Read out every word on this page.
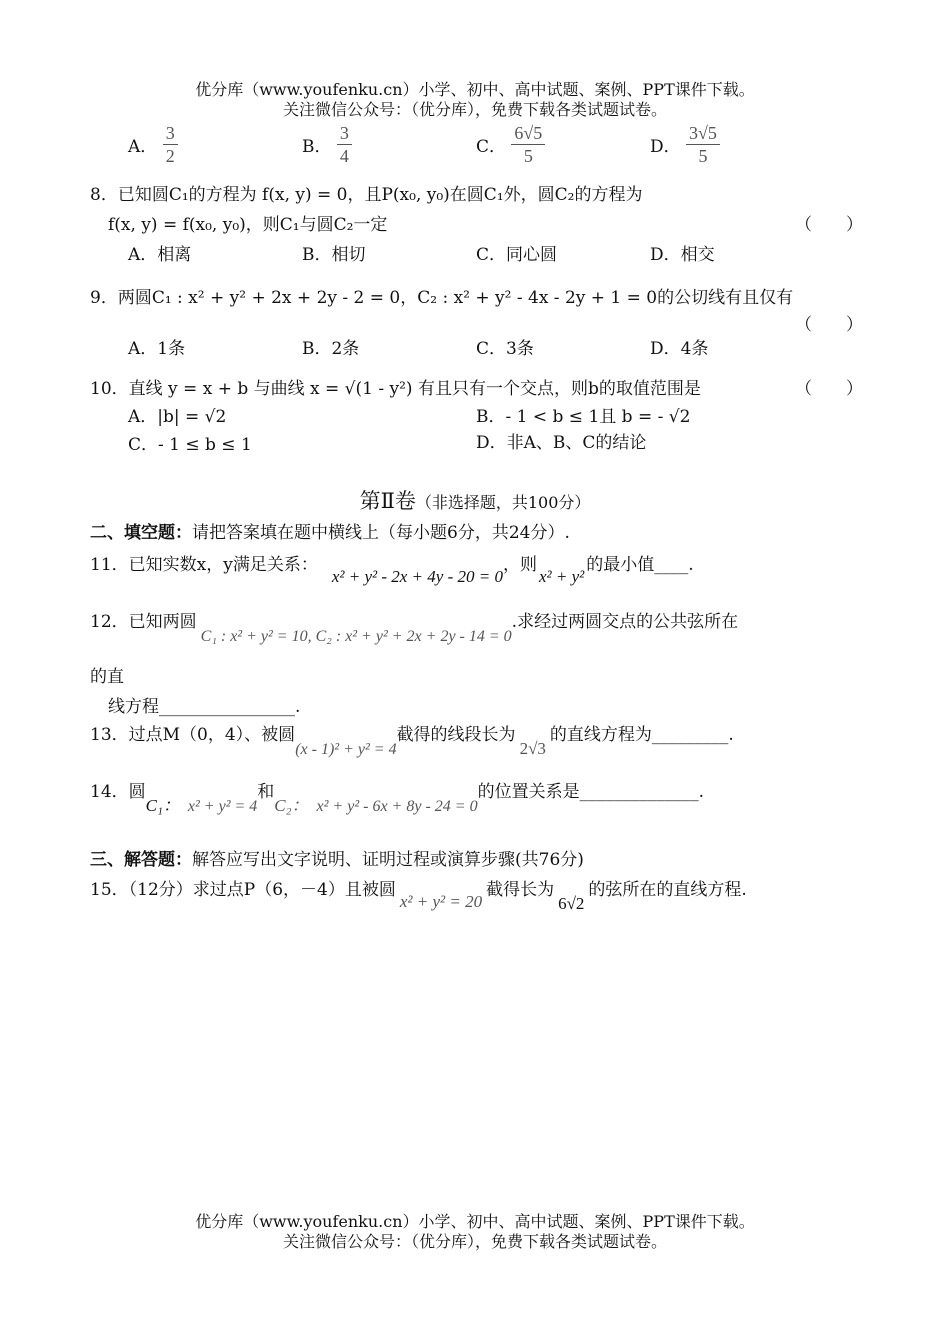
优分库（www.youfenku.cn）小学、初中、高中试题、案例、PPT课件下载。
关注微信公众号：（优分库），免费下载各类试题试卷。
A． $\frac{3}{2}$	B． $\frac{3}{4}$	C． $\frac{6√5}{5}$	D． $\frac{3√5}{5}$
8．已知圆C₁的方程为 f(x, y) = 0，且P(x₀, y₀)在圆C₁外，圆C₂的方程为
f(x, y) = f(x₀, y₀)，则C₁与圆C₂一定	（　　）
A．相离	B．相切	C．同心圆	D．相交
9．两圆C₁ : x² + y² + 2x + 2y - 2 = 0，C₂ : x² + y² - 4x - 2y + 1 = 0的公切线有且仅有
（　　）
A．1条	B．2条	C．3条	D．4条
10．直线 y = x + b 与曲线 x = √(1 - y²) 有且只有一个交点，则b的取值范围是	（　　）
A．|b| = √2	B．- 1 < b ≤ 1且 b = - √2
C．- 1 ≤ b ≤ 1	D．非A、B、C的结论
第Ⅱ卷（非选择题，共100分）
二、填空题：请把答案填在题中横线上（每小题6分，共24分）.
11．已知实数x，y满足关系：x² + y² - 2x + 4y - 20 = 0，则x² + y²的最小值____.
12．已知两圆C₁ : x² + y² = 10, C₂ : x² + y² + 2x + 2y - 14 = 0.求经过两圆交点的公共弦所在
的直
线方程________________.
13．过点M（0，4）、被圆(x - 1)² + y² = 4截得的线段长为2√3的直线方程为_________.
14．圆C₁： x² + y² = 4和C₂： x² + y² - 6x + 8y - 24 = 0的位置关系是______________.
三、解答题：解答应写出文字说明、证明过程或演算步骤(共76分)
15．（12分）求过点P（6，－4）且被圆x² + y² = 20截得长为6√2的弦所在的直线方程.
优分库（www.youfenku.cn）小学、初中、高中试题、案例、PPT课件下载。
关注微信公众号：（优分库），免费下载各类试题试卷。
